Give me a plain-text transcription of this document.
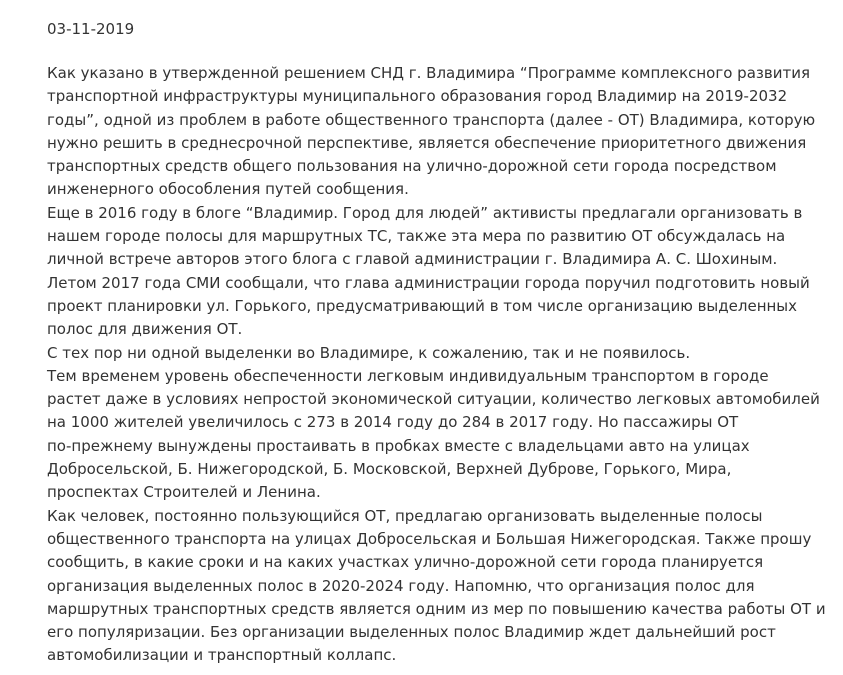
03-11-2019
Как указано в утвержденной решением СНД г. Владимира “Программе комплексного развития
транспортной инфраструктуры муниципального образования город Владимир на 2019-2032
годы”, одной из проблем в работе общественного транспорта (далее - ОТ) Владимира, которую
нужно решить в среднесрочной перспективе, является обеспечение приоритетного движения
транспортных средств общего пользования на улично-дорожной сети города посредством
инженерного обособления путей сообщения.
Еще в 2016 году в блоге “Владимир. Город для людей” активисты предлагали организовать в
нашем городе полосы для маршрутных ТС, также эта мера по развитию ОТ обсуждалась на
личной встрече авторов этого блога с главой администрации г. Владимира А. С. Шохиным.
Летом 2017 года СМИ сообщали, что глава администрации города поручил подготовить новый
проект планировки ул. Горького, предусматривающий в том числе организацию выделенных
полос для движения ОТ.
С тех пор ни одной выделенки во Владимире, к сожалению, так и не появилось.
Тем временем уровень обеспеченности легковым индивидуальным транспортом в городе
растет даже в условиях непростой экономической ситуации, количество легковых автомобилей
на 1000 жителей увеличилось с 273 в 2014 году до 284 в 2017 году. Но пассажиры ОТ
по-прежнему вынуждены простаивать в пробках вместе с владельцами авто на улицах
Добросельской, Б. Нижегородской, Б. Московской, Верхней Дуброве, Горького, Мира,
проспектах Строителей и Ленина.
Как человек, постоянно пользующийся ОТ, предлагаю организовать выделенные полосы
общественного транспорта на улицах Добросельская и Большая Нижегородская. Также прошу
сообщить, в какие сроки и на каких участках улично-дорожной сети города планируется
организация выделенных полос в 2020-2024 году. Напомню, что организация полос для
маршрутных транспортных средств является одним из мер по повышению качества работы ОТ и
его популяризации. Без организации выделенных полос Владимир ждет дальнейший рост
автомобилизации и транспортный коллапс.
